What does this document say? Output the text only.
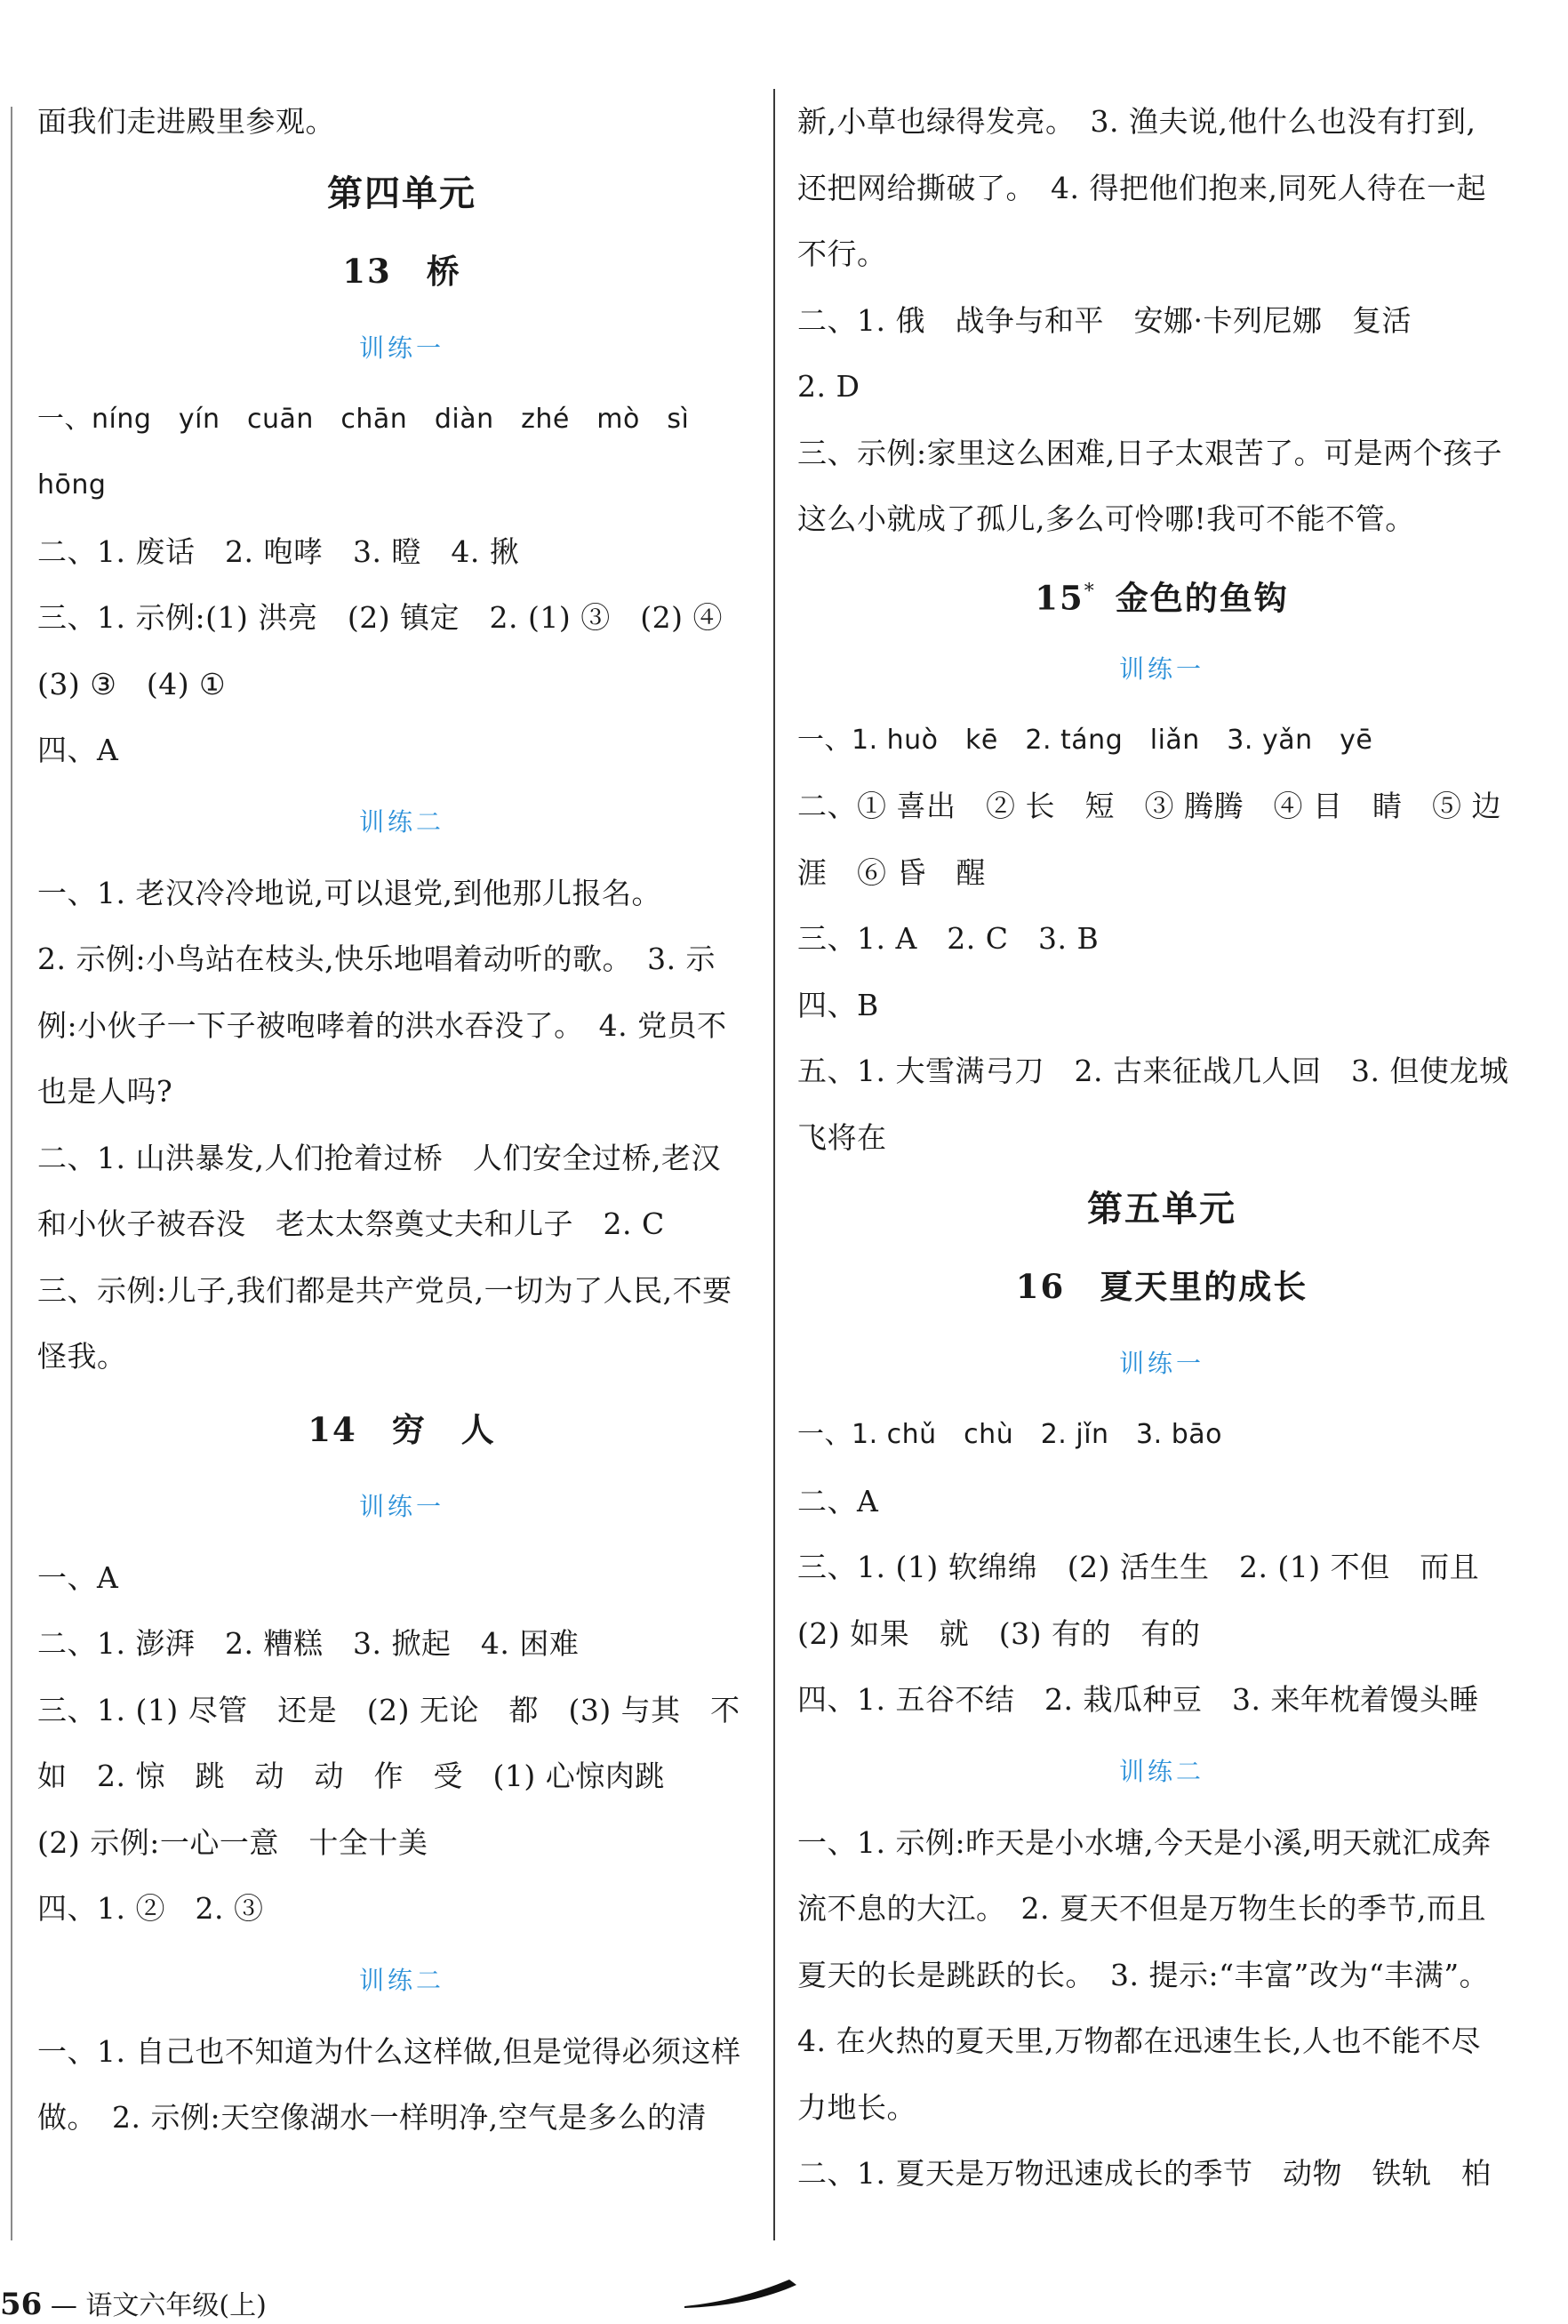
面我们走进殿里参观。
第四单元
13　桥
训练一
一、níng　yín　cuān　chān　diàn　zhé　mò　sì
hōng
二、1. 废话　2. 咆哮　3. 瞪　4. 揪
三、1. 示例:(1) 洪亮　(2) 镇定　2. (1) ③　(2) ④
(3) ③　(4) ①
四、A
训练二
一、1. 老汉冷冷地说,可以退党,到他那儿报名。
2. 示例:小鸟站在枝头,快乐地唱着动听的歌。　3. 示
例:小伙子一下子被咆哮着的洪水吞没了。　4. 党员不
也是人吗?
二、1. 山洪暴发,人们抢着过桥　人们安全过桥,老汉
和小伙子被吞没　老太太祭奠丈夫和儿子　2. C
三、示例:儿子,我们都是共产党员,一切为了人民,不要
怪我。
14　穷　人
训练一
一、A
二、1. 澎湃　2. 糟糕　3. 掀起　4. 困难
三、1. (1) 尽管　还是　(2) 无论　都　(3) 与其　不
如　2. 惊　跳　动　动　作　受　(1) 心惊肉跳
(2) 示例:一心一意　十全十美
四、1. ②　2. ③
训练二
一、1. 自己也不知道为什么这样做,但是觉得必须这样
做。　2. 示例:天空像湖水一样明净,空气是多么的清
新,小草也绿得发亮。　3. 渔夫说,他什么也没有打到,
还把网给撕破了。　4. 得把他们抱来,同死人待在一起
不行。
二、1. 俄　战争与和平　安娜·卡列尼娜　复活
2. D
三、示例:家里这么困难,日子太艰苦了。可是两个孩子
这么小就成了孤儿,多么可怜哪!我可不能不管。
15* 金色的鱼钩
训练一
一、1. huò　kē　2. táng　liǎn　3. yǎn　yē
二、① 喜出　② 长　短　③ 腾腾　④ 目　睛　⑤ 边
涯　⑥ 昏　醒
三、1. A　2. C　3. B
四、B
五、1. 大雪满弓刀　2. 古来征战几人回　3. 但使龙城
飞将在
第五单元
16　夏天里的成长
训练一
一、1. chǔ　chù　2. jǐn　3. bāo
二、A
三、1. (1) 软绵绵　(2) 活生生　2. (1) 不但　而且
(2) 如果　就　(3) 有的　有的
四、1. 五谷不结　2. 栽瓜种豆　3. 来年枕着馒头睡
训练二
一、1. 示例:昨天是小水塘,今天是小溪,明天就汇成奔
流不息的大江。　2. 夏天不但是万物生长的季节,而且
夏天的长是跳跃的长。　3. 提示:“丰富”改为“丰满”。
4. 在火热的夏天里,万物都在迅速生长,人也不能不尽
力地长。
二、1. 夏天是万物迅速成长的季节　动物　铁轨　柏
56 — 语文六年级(上)
